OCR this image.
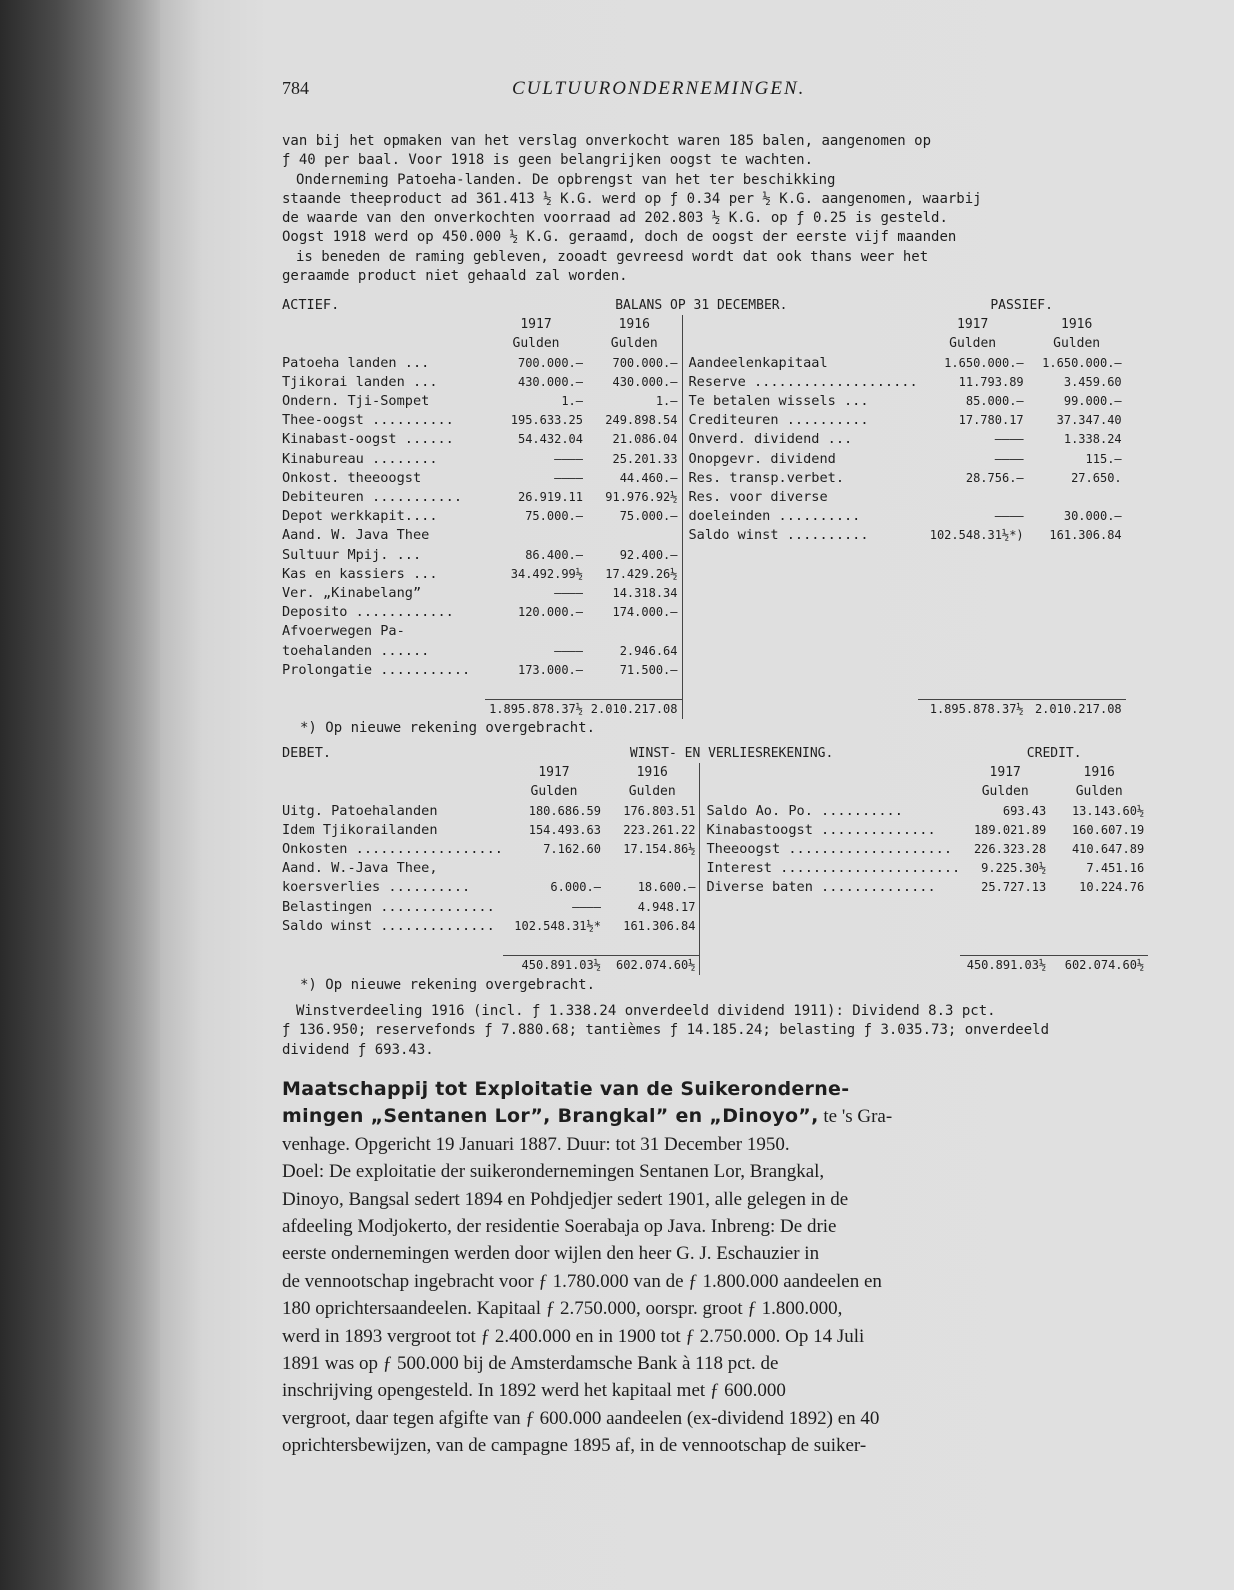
784	CULTUURONDERNEMINGEN.
van bij het opmaken van het verslag onverkocht waren 185 balen, aangenomen op
ƒ 40 per baal. Voor 1918 is geen belangrijken oogst te wachten.
Onderneming Patoeha-landen. De opbrengst van het ter beschikking
staande theeproduct ad 361.413 ½ K.G. werd op ƒ 0.34 per ½ K.G. aangenomen, waarbij
de waarde van den onverkochten voorraad ad 202.803 ½ K.G. op ƒ 0.25 is gesteld.
Oogst 1918 werd op 450.000 ½ K.G. geraamd, doch de oogst der eerste vijf maanden
is beneden de raming gebleven, zooadt gevreesd wordt dat ook thans weer het
geraamde product niet gehaald zal worden.
ACTIEF.	BALANS OP 31 DECEMBER.			PASSIEF.	
	1917	1916		1917	1916
	Gulden	Gulden		Gulden	Gulden
Patoeha landen ...	700.000.—	700.000.—	Aandeelenkapitaal	1.650.000.—	1.650.000.—
Tjikorai landen ...	430.000.—	430.000.—	Reserve ....................	11.793.89	3.459.60
Ondern. Tji-Sompet	1.—	1.—	Te betalen wissels ...	85.000.—	99.000.—
Thee-oogst ..........	195.633.25	249.898.54	Crediteuren ..........	17.780.17	37.347.40
Kinabast-oogst ......	54.432.04	21.086.04	Onverd. dividend ...	————	1.338.24
Kinabureau ........	————	25.201.33	Onopgevr. dividend	————	115.—
Onkost. theeoogst	————	44.460.—	Res. transp.verbet.	28.756.—	27.650.
Debiteuren ...........	26.919.11	91.976.92½	Res. voor diverse		
Depot werkkapit....	75.000.—	75.000.—	doeleinden ..........	————	30.000.—
Aand. W. Java Thee			Saldo winst ..........	102.548.31½*)	161.306.84
Sultuur Mpij. ...	86.400.—	92.400.—			
Kas en kassiers ...	34.492.99½	17.429.26½			
Ver. „Kinabelang”	————	14.318.34			
Deposito ............	120.000.—	174.000.—			
Afvoerwegen Pa-					
toehalanden ......	————	2.946.64			
Prolongatie ...........	173.000.—	71.500.—			

	1.895.878.37½	2.010.217.08		1.895.878.37½	2.010.217.08
*) Op nieuwe rekening overgebracht.
DEBET.	WINST- EN VERLIESREKENING.			CREDIT.	
	1917	1916		1917	1916
	Gulden	Gulden		Gulden	Gulden
Uitg. Patoehalanden	180.686.59	176.803.51	Saldo Ao. Po. ..........	693.43	13.143.60½
Idem Tjikorailanden	154.493.63	223.261.22	Kinabastoogst ..............	189.021.89	160.607.19
Onkosten ..................	7.162.60	17.154.86½	Theeoogst ....................	226.323.28	410.647.89
Aand. W.-Java Thee,			Interest ......................	9.225.30½	7.451.16
koersverlies ..........	6.000.—	18.600.—	Diverse baten ..............	25.727.13	10.224.76
Belastingen ..............	————	4.948.17			
Saldo winst ..............	102.548.31½*	161.306.84			

	450.891.03½	602.074.60½		450.891.03½	602.074.60½
*) Op nieuwe rekening overgebracht.
Winstverdeeling 1916 (incl. ƒ 1.338.24 onverdeeld dividend 1911): Dividend 8.3 pct.
ƒ 136.950; reservefonds ƒ 7.880.68; tantièmes ƒ 14.185.24; belasting ƒ 3.035.73; onverdeeld
dividend ƒ 693.43.
Maatschappij tot Exploitatie van de Suikeronderne-
mingen „Sentanen Lor”, Brangkal” en „Dinoyo”, te 's Gra-
venhage. Opgericht 19 Januari 1887. Duur: tot 31 December 1950.
Doel: De exploitatie der suikerondernemingen Sentanen Lor, Brangkal,
Dinoyo, Bangsal sedert 1894 en Pohdjedjer sedert 1901, alle gelegen in de
afdeeling Modjokerto, der residentie Soerabaja op Java. Inbreng: De drie
eerste ondernemingen werden door wijlen den heer G. J. Eschauzier in
de vennootschap ingebracht voor ƒ 1.780.000 van de ƒ 1.800.000 aandeelen en
180 oprichtersaandeelen. Kapitaal ƒ 2.750.000, oorspr. groot ƒ 1.800.000,
werd in 1893 vergroot tot ƒ 2.400.000 en in 1900 tot ƒ 2.750.000. Op 14 Juli
1891 was op ƒ 500.000 bij de Amsterdamsche Bank à 118 pct. de
inschrijving opengesteld. In 1892 werd het kapitaal met ƒ 600.000
vergroot, daar tegen afgifte van ƒ 600.000 aandeelen (ex-dividend 1892) en 40
oprichtersbewijzen, van de campagne 1895 af, in de vennootschap de suiker-
